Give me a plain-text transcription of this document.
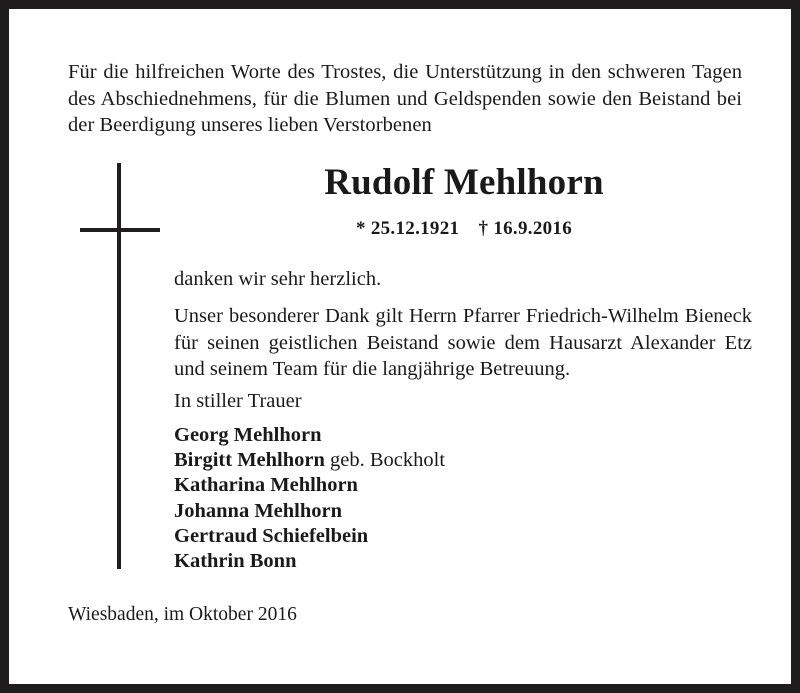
Für die hilfreichen Worte des Trostes, die Unterstützung in den schweren Tagen des Abschiednehmens, für die Blumen und Geldspenden sowie den Beistand bei der Beerdigung unseres lieben Verstorbenen
Rudolf Mehlhorn
* 25.12.1921 † 16.9.2016
danken wir sehr herzlich.
Unser besonderer Dank gilt Herrn Pfarrer Friedrich-Wilhelm Bieneck für seinen geistlichen Beistand sowie dem Hausarzt Alexander Etz und seinem Team für die langjährige Betreuung.
In stiller Trauer
Georg Mehlhorn
Birgitt Mehlhorn geb. Bockholt
Katharina Mehlhorn
Johanna Mehlhorn
Gertraud Schiefelbein
Kathrin Bonn
Wiesbaden, im Oktober 2016
